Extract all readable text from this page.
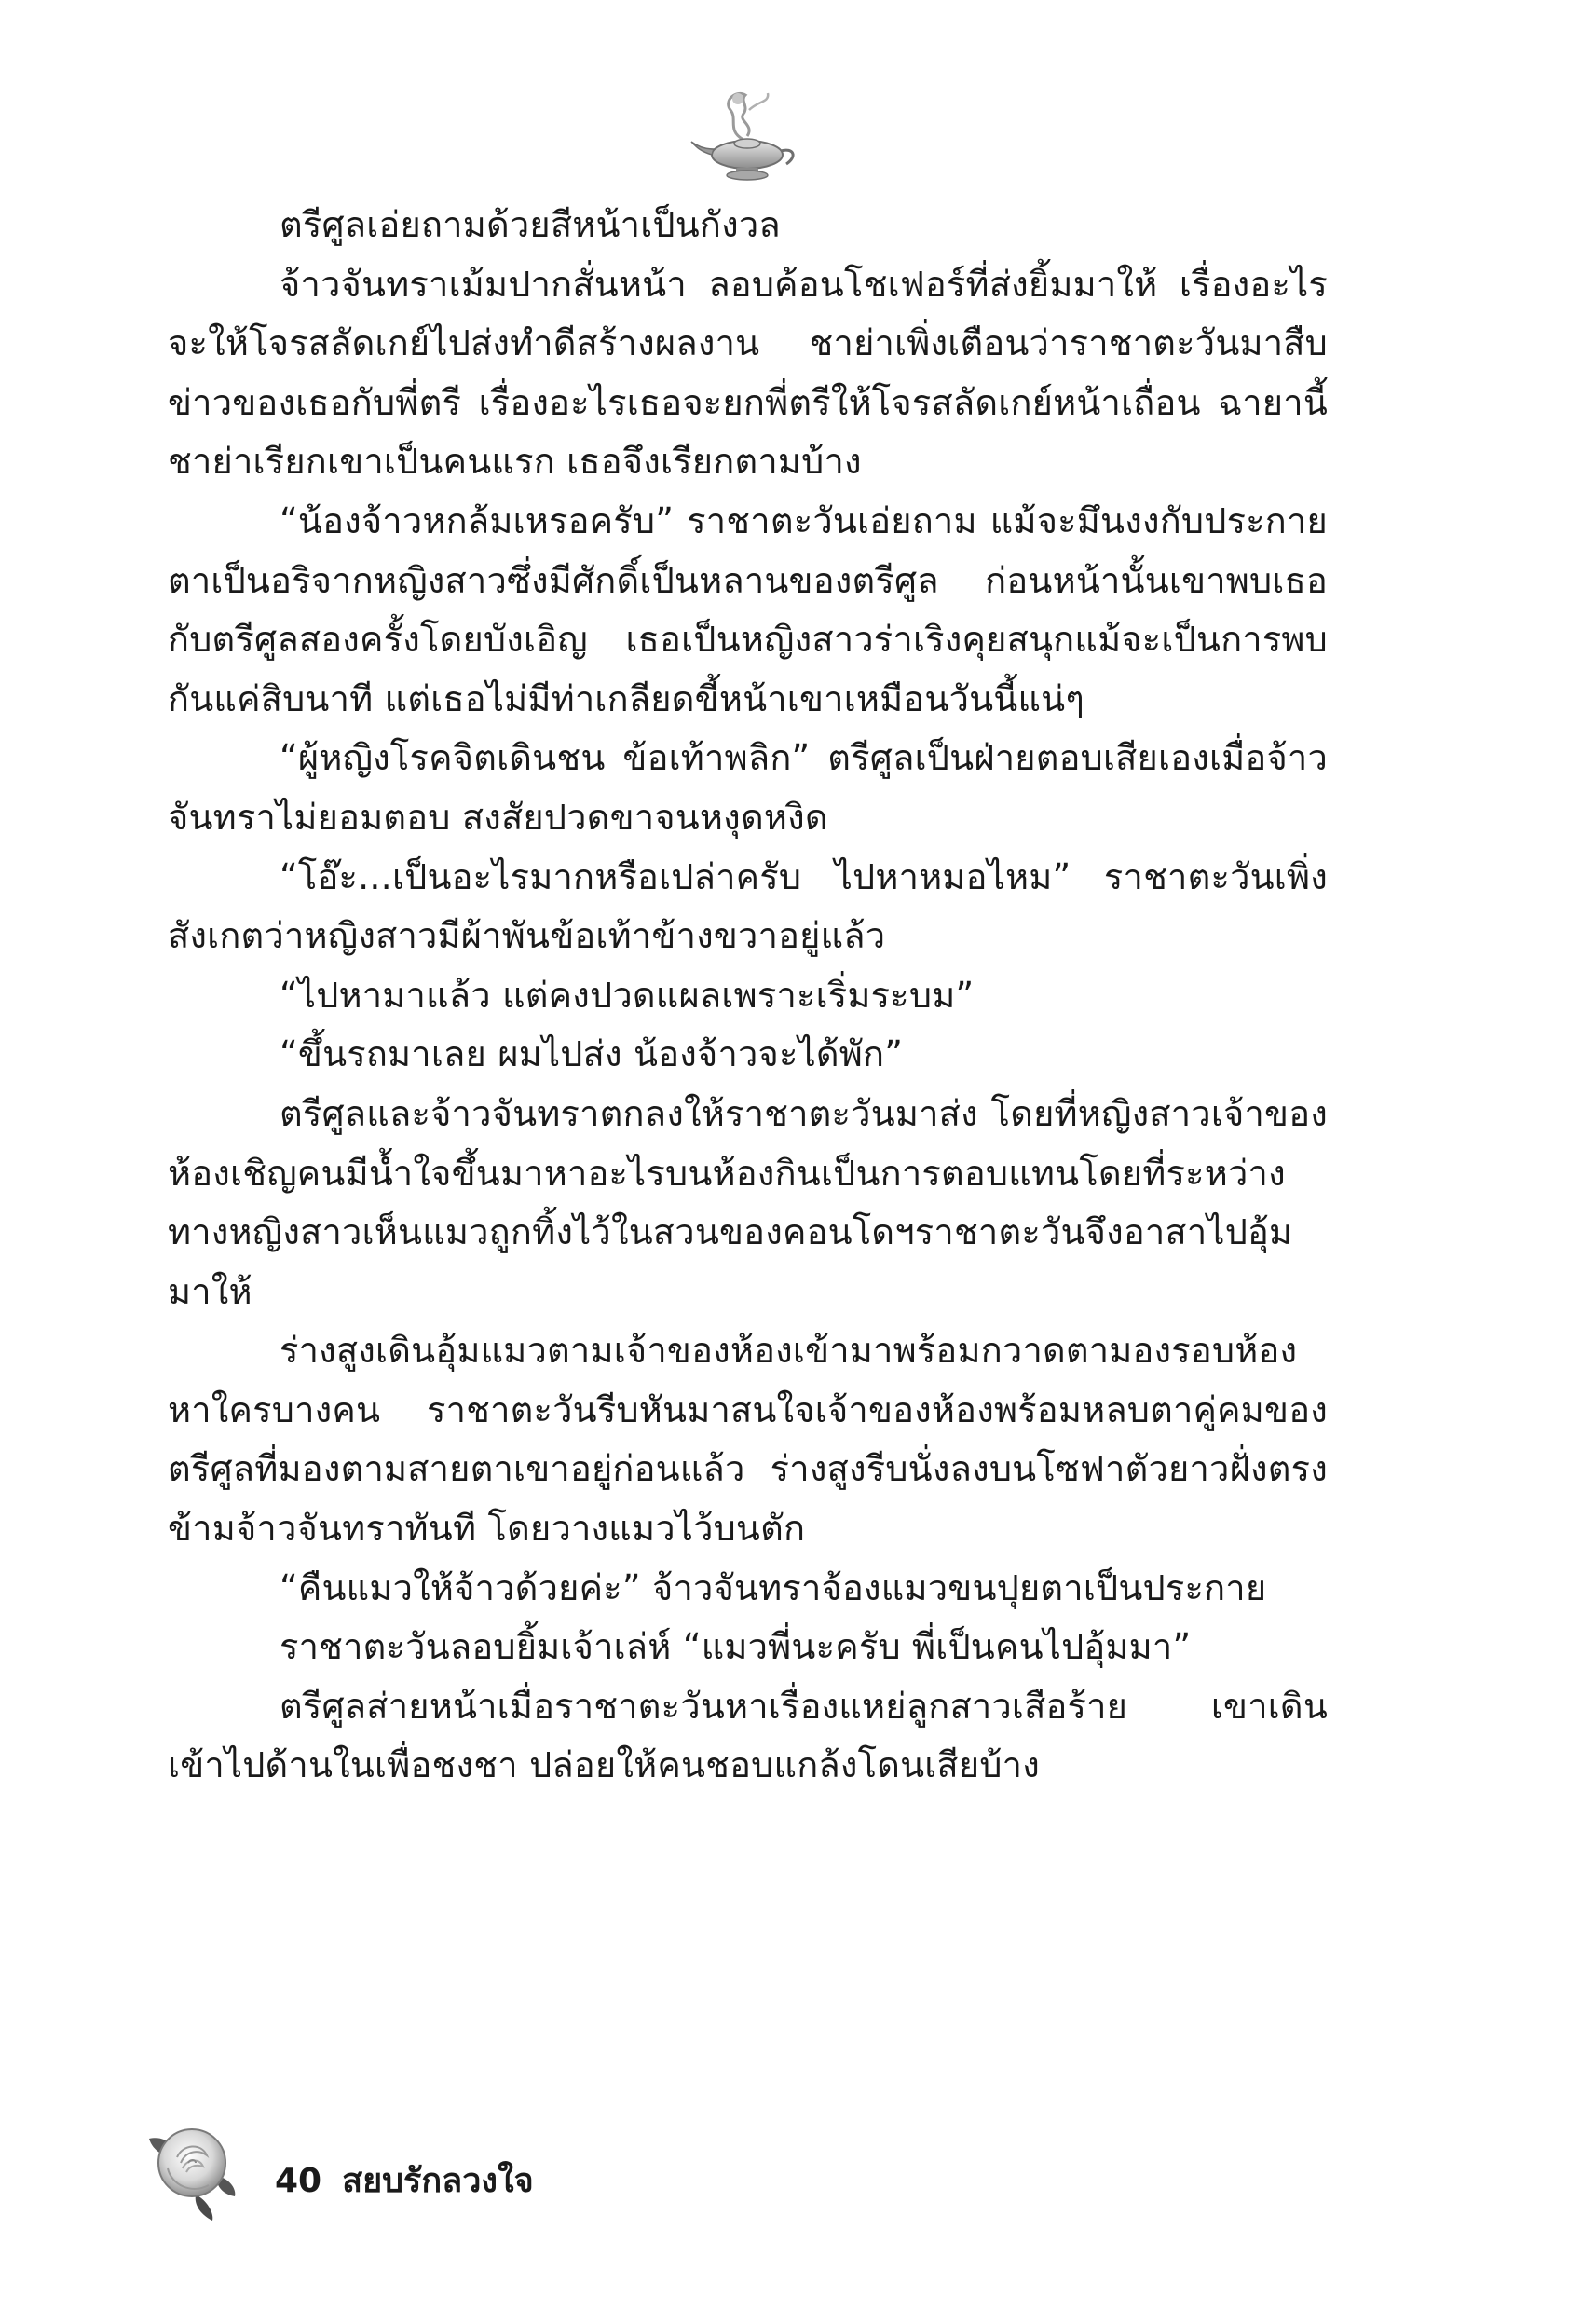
ตรีศูลเอ่ยถามด้วยสีหน้าเป็นกังวล

จ้าวจันทราเม้มปากสั่นหน้า ลอบค้อนโชเฟอร์ที่ส่งยิ้มมาให้ เรื่องอะไรจะให้โจรสลัดเกย์ไปส่งทำดีสร้างผลงาน ชาย่าเพิ่งเตือนว่าราชาตะวันมาสืบข่าวของเธอกับพี่ตรี เรื่องอะไรเธอจะยกพี่ตรีให้โจรสลัดเกย์หน้าเถื่อน ฉายานี้ชาย่าเรียกเขาเป็นคนแรก เธอจึงเรียกตามบ้าง

“น้องจ้าวหกล้มเหรอครับ” ราชาตะวันเอ่ยถาม แม้จะมึนงงกับประกายตาเป็นอริจากหญิงสาวซึ่งมีศักดิ์เป็นหลานของตรีศูล ก่อนหน้านั้นเขาพบเธอกับตรีศูลสองครั้งโดยบังเอิญ เธอเป็นหญิงสาวร่าเริงคุยสนุกแม้จะเป็นการพบกันแค่สิบนาที แต่เธอไม่มีท่าเกลียดขี้หน้าเขาเหมือนวันนี้แน่ๆ

“ผู้หญิงโรคจิตเดินชน ข้อเท้าพลิก” ตรีศูลเป็นฝ่ายตอบเสียเองเมื่อจ้าวจันทราไม่ยอมตอบ สงสัยปวดขาจนหงุดหงิด

“โอ๊ะ...เป็นอะไรมากหรือเปล่าครับ ไปหาหมอไหม” ราชาตะวันเพิ่งสังเกตว่าหญิงสาวมีผ้าพันข้อเท้าข้างขวาอยู่แล้ว

“ไปหามาแล้ว แต่คงปวดแผลเพราะเริ่มระบม”

“ขึ้นรถมาเลย ผมไปส่ง น้องจ้าวจะได้พัก”

ตรีศูลและจ้าวจันทราตกลงให้ราชาตะวันมาส่ง โดยที่หญิงสาวเจ้าของห้องเชิญคนมีน้ำใจขึ้นมาหาอะไรบนห้องกินเป็นการตอบแทนโดยที่ระหว่างทางหญิงสาวเห็นแมวถูกทิ้งไว้ในสวนของคอนโดฯราชาตะวันจึงอาสาไปอุ้มมาให้

ร่างสูงเดินอุ้มแมวตามเจ้าของห้องเข้ามาพร้อมกวาดตามองรอบห้องหาใครบางคน ราชาตะวันรีบหันมาสนใจเจ้าของห้องพร้อมหลบตาคู่คมของตรีศูลที่มองตามสายตาเขาอยู่ก่อนแล้ว ร่างสูงรีบนั่งลงบนโซฟาตัวยาวฝั่งตรงข้ามจ้าวจันทราทันที โดยวางแมวไว้บนตัก

“คืนแมวให้จ้าวด้วยค่ะ” จ้าวจันทราจ้องแมวขนปุยตาเป็นประกาย

ราชาตะวันลอบยิ้มเจ้าเล่ห์ “แมวพี่นะครับ พี่เป็นคนไปอุ้มมา”

ตรีศูลส่ายหน้าเมื่อราชาตะวันหาเรื่องแหย่ลูกสาวเสือร้าย เขาเดินเข้าไปด้านในเพื่อชงชา ปล่อยให้คนชอบแกล้งโดนเสียบ้าง

40 สยบรักลวงใจ
